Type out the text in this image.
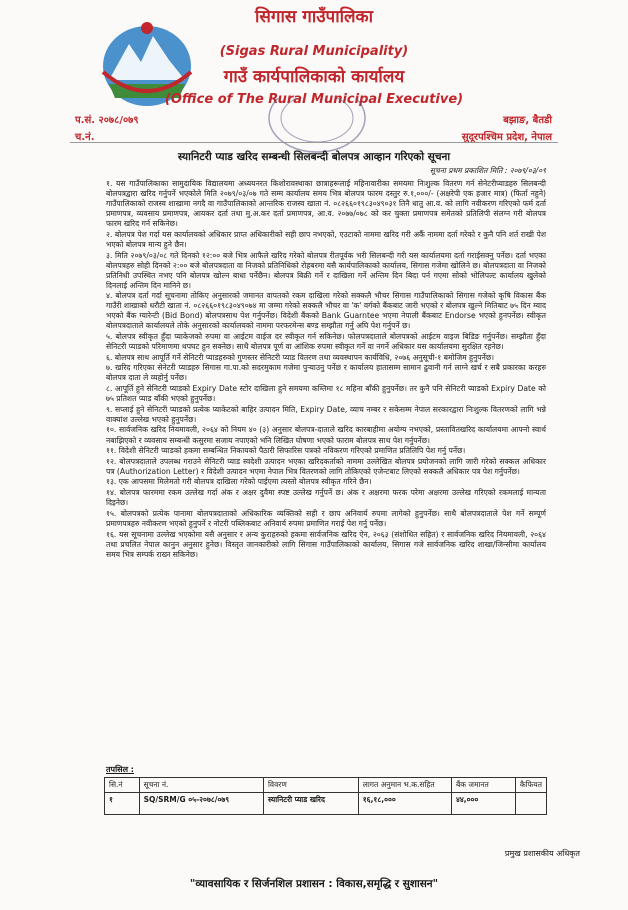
सिगास गाउँपालिका
(Sigas Rural Municipality)
गाउँ कार्यपालिकाको कार्यालय
(Office of The Rural Municipal Executive)
प.सं. २०७८/०७९
च.नं.
बझाङ, बैतडी
सुदूरपश्चिम प्रदेश, नेपाल
स्यानिटरी प्याड खरिद सम्बन्धी सिलबन्दी बोलपत्र आव्हान गरिएको सूचना
सूचना प्रथम प्रकाशित मिति : २०७९/०३/०९

१. यस गाउँपालिकाका सामुदायिक विद्यालयमा अध्ययनरत किशोरावस्थाका छात्राहरूलाई महिनावारीका समयमा निःशुल्क वितरण गर्न सेनेटरीप्याडहरु सिलबन्दी बोलपत्रद्वारा खरिद गर्नुपर्ने भएकोले मिति २०७९/०३/०७ गते सम्म कार्यालय समय भित्र बोलपत्र फारम दस्तुर रु.१,०००/- (अक्षरेपी एक हजार मात्र) (फिर्ता नहुने) गाउँपालिकाको राजस्व शाखामा नगदै वा गाउँपालिकाको आन्तरिक राजस्व खाता नं. ०८२६६०१९८३०४९०३१ तिनै धातु आ.व. को लागि नवीकरण गरिएको फर्म दर्ता प्रमाणपत्र, व्यवसाय प्रमाणपत्र, आयकर दर्ता तथा मु.अ.कर दर्ता प्रमाणपत्र, आ.व. २०७७/०७८ को कर चुक्ता प्रमाणपत्र समेतको प्रतिलिपी संलग्न गरी बोलपत्र फारम खरिद गर्न सकिनेछ।

२. बोलपत्र पेश गर्दा यस कार्यालयको अधिकार प्राप्त अधिकारीको सही छाप नभएको, एउटाको नाममा खरिद गरी अर्कै नाममा दर्ता गरेको र कुनै पनि शर्त राखी पेश भएको बोलपत्र मान्य हुने छैन।

३. मिति २०७९/०३/०८ गते दिनको १२:०० बजे भित्र आफैले खरिद गरेको बोलपत्र रीतपूर्वक भरी सिलबन्दी गरी यस कार्यालयमा दर्ता गराईसक्नु पर्नेछ। दर्ता भएका बोलपत्रहरु सोही दिनको २:०० बजे बोलपत्रदाता वा निजको प्रतिनिधिको रोहबरमा यसै कार्यपालिकाको कार्यालय, सिगास गजेमा खोलिने छ। बोलपत्रदाता वा निजको प्रतिनिधी उपस्थित नभए पनि बोलपत्र खोल्न बाधा पर्नेछैन। बोलपत्र बिक्री गर्ने र दाखिला गर्ने अन्तिम दिन बिदा पर्न गएमा सोको भोलिपल्ट कार्यालय खुलेको दिनलाई अन्तिम दिन मानिने छ।

४. बोलपत्र दर्ता गर्दा सूचनामा तोकिए अनुसारको जमानत वापतको रकम दाखिला गरेको सक्कलै भौचर सिगास गाउँपालिकाको सिगास गजेको कृषि विकास बैंक गाउँरी शाखाको धरौटी खाता नं. ०८२६६०१९८३०४९०७४ मा जम्मा गरेको सक्कलै भौचर वा 'क' वर्गको बैंकबाट जारी भएको र बोलपत्र खुल्ने मितिबाट ७५ दिन म्याद भएको बैंक ग्यारेन्टी (Bid Bond) बोलपत्रसाथ पेश गर्नुपर्नेछ। विदेशी बैंकको Bank Guarntee भएमा नेपाली बैंकबाट Endorse भएको हुनपर्नेछ। स्वीकृत बोलपत्रदाताले कार्यालयले तोके अनुसारको कार्यालयको नाममा परफरमेन्स बण्ड सम्झौता गर्नु अघि पेश गर्नुपर्ने छ।

५. बोलपत्र स्वीकृत हुँदा प्याकेजको रुपमा वा आईटम वाईज दर स्वीकृत गर्न सकिनेछ। फोलपत्रदाताले बोलपत्रको आईटम वाइज बिडिङ गर्नुपर्नेछ। सम्झौता हुँदा सेनिटरी प्याडको परिमाणमा थपघट हुन सक्नेछ। साथै बोलपत्र पूर्ण वा आंशिक रुपमा स्वीकृत गर्ने वा नगर्ने अधिकार यस कार्यालयमा सुरक्षित रहनेछ।

६. बोलपत्र साथ आपूर्ति गर्ने सेनिटरी प्याडहरुको गुणस्तर सेनिटरी प्याड वितरण तथा व्यवस्थापन कार्यविधि, २०७६ अनुसूची-१ बमोजिम हुनुपर्नेछ।

७. खरिद गरिएका सेनेटरी प्याडहरु सिगास गा.पा.को सदरमुकाम गजेमा पुर्‍याउनु पर्नेछ र कार्यालय हातासम्म सामान ढुवानी गर्न लाग्ने खर्च र सबै प्रकारका करहरु बोलपत्र दाता ले व्यहोर्नु पर्नेछ।

८. आपूर्ति हुने सेनिटरी प्याडको Expiry Date स्टोर दाखिला हुने समयमा कम्तिमा १८ महिना बाँकी हुनुपर्नेछ। तर कुनै पनि सेनिटरी प्याडको Expiry Date को ७५ प्रतिशत प्याड बाँकी भएको हुनुपर्नेछ।

९. सप्लाई हुने सेनिटरी प्याडको प्रत्येक प्याकेटको बाहिर उत्पादन मिति, Expiry Date, व्याच नम्बर र सकेसम्म नेपाल सरकारद्वारा निःशुल्क वितरणको लागि भन्ने वाक्यांश उल्लेख भएको हुनुपर्नेछ।

१०. सार्वजनिक खरिद नियमावली, २०६४ को नियम ४० (३) अनुसार बोलपत्र-दाताले खरिद कारबाहीमा अयोग्य नभएको, प्रस्तावितखरिद कार्यालयमा आफ्नो स्वार्थ नबाझिएको र व्यवसाय सम्बन्धी कसुरमा सजाय नपाएको भनि लिखित घोषणा भएको फाराम बोलपत्र साथ पेश गर्नुपर्नेछ।

११. विदेशी सेनिटरी प्याडको हकमा सम्बन्धित निकायको पैठारी सिफारिस पत्रको नविकरण गरिएको प्रमाणित प्रतिलिपि पेश गर्नु पर्नेछ।

१२. बोलपत्रदाताले उपलब्ध गराउने सेनिटरी प्याड स्वदेशी उत्पादन भएका खरिदकर्ताको नाममा उल्लेखित बोलपत्र प्रयोजनको लागि जारी गरेको सक्कल अधिकार पत्र (Authorization Letter) र विदेशी उत्पादन भएमा नेपाल भित्र वितरणको लागि तोकिएको एजेन्टबाट लिएको सक्कलै अधिकार पत्र पेश गर्नुपर्नेछ।

१३. एक आपसमा मिलेमतो गरी बोलपत्र दाखिला गरेको पाईएमा त्यस्तो बोलपत्र स्वीकृत गरिने छैन।

१४. बोलपत्र फारममा रकम उल्लेख गर्दा अंक र अक्षर दुवैमा स्पष्ट उल्लेख गर्नुपर्ने छ। अंक र अक्षरमा फरक परेमा अक्षरमा उल्लेख गरिएको रकमलाई मान्यता दिइनेछ।

१५. बोलपत्रको प्रत्येक पानामा बोलपत्रदाताको अधिकारिक व्यक्तिको सही र छाप अनिवार्य रुपमा लागेको हुनुपर्नेछ। साथै बोलपत्रदाताले पेश गर्ने सम्पूर्ण प्रमाणपत्रहरु नवीकरण भएको हुनुपर्ने र नोटरी पब्लिकबाट अनिवार्य रुपमा प्रमाणित गराई पेश गर्नु पर्नेछ।

१६. यस सूचनामा उल्लेख भएकोमा यसै अनुसार र अन्य कुराहरुको हकमा सार्वजनिक खरिद ऐन, २०६३ (संशोधित सहित) र सार्वजनिक खरिद नियमावली, २०६४ तथा प्रचलित नेपाल कानुन अनुसार हुनेछ। विस्तृत जानकारीको लागि सिगास गाउँपालिकाको कार्यालय, सिगास गजे सार्वजनिक खरिद शाखा/जिन्सीमा कार्यालय समय भित्र सम्पर्क राख्न सकिनेछ।

तपसिल :
सि.नं	सूचना नं.	विवरण	लागत अनुमान भ.क.सहित	बैंक जमानत	कैफियत
१	SQ/SRM/G ०५-२०७८/०७९	स्यानिटरी प्याड खरिद	१६,१८,०००	४४,०००	
प्रमुख प्रशासकीय अधिकृत
"व्यावसायिक र सिर्जनशिल प्रशासन : विकास,समृद्धि र सुशासन"
